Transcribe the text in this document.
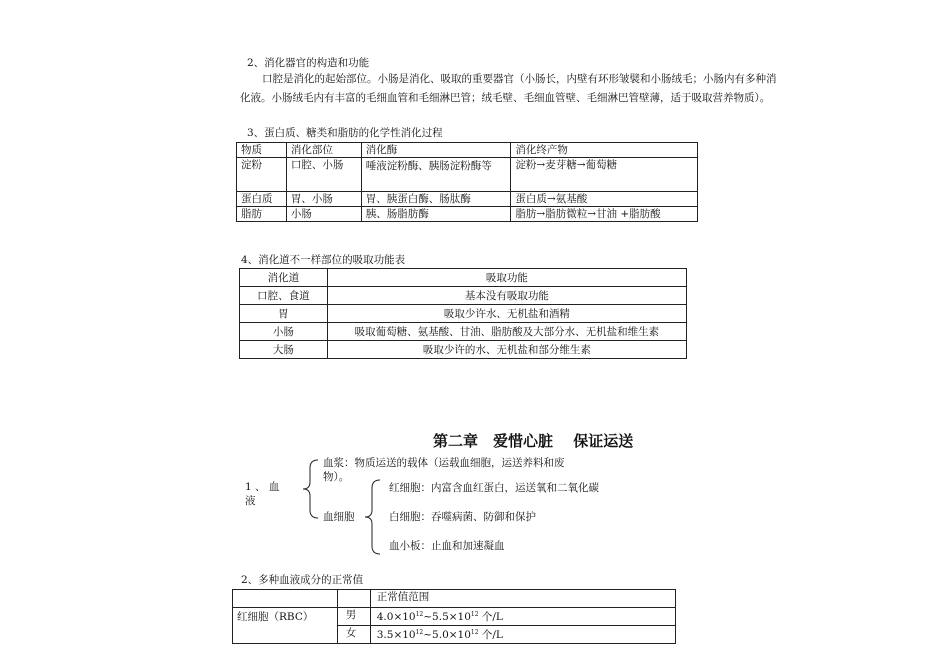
2、消化器官的构造和功能
口腔是消化的起始部位。小肠是消化、吸取的重要器官（小肠长，内壁有环形皱襞和小肠绒毛；小肠内有多种消
化液。小肠绒毛内有丰富的毛细血管和毛细淋巴管；绒毛壁、毛细血管壁、毛细淋巴管壁薄，适于吸取营养物质）。
3、蛋白质、糖类和脂肪的化学性消化过程
物质	消化部位	消化酶	消化终产物
淀粉	口腔、小肠	唾液淀粉酶、胰肠淀粉酶等	淀粉→麦芽糖→葡萄糖
蛋白质	胃、小肠	胃、胰蛋白酶、肠肽酶	蛋白质→氨基酸
脂肪	小肠	胰、肠脂肪酶	脂肪→脂肪微粒→甘油 +脂肪酸
4、消化道不一样部位的吸取功能表
消化道	吸取功能
口腔、食道	基本没有吸取功能
胃	吸取少许水、无机盐和酒精
小肠	吸取葡萄糖、氨基酸、甘油、脂肪酸及大部分水、无机盐和维生素
大肠	吸取少许的水、无机盐和部分维生素
第二章　爱惜心脏　 保证运送
1 、 血
液
血浆：物质运送的载体（运载血细胞，运送养料和废
物）。
血细胞
红细胞：内富含血红蛋白，运送氧和二氧化碳
白细胞：吞噬病菌、防御和保护
血小板：止血和加速凝血
2、多种血液成分的正常值
		正常值范围
红细胞（RBC）	男	$4.0\times 10^{12}\sim 5.5\times 10^{12}$ 个/L
	女	$3.5\times 10^{12}\sim 5.0\times 10^{12}$ 个/L
